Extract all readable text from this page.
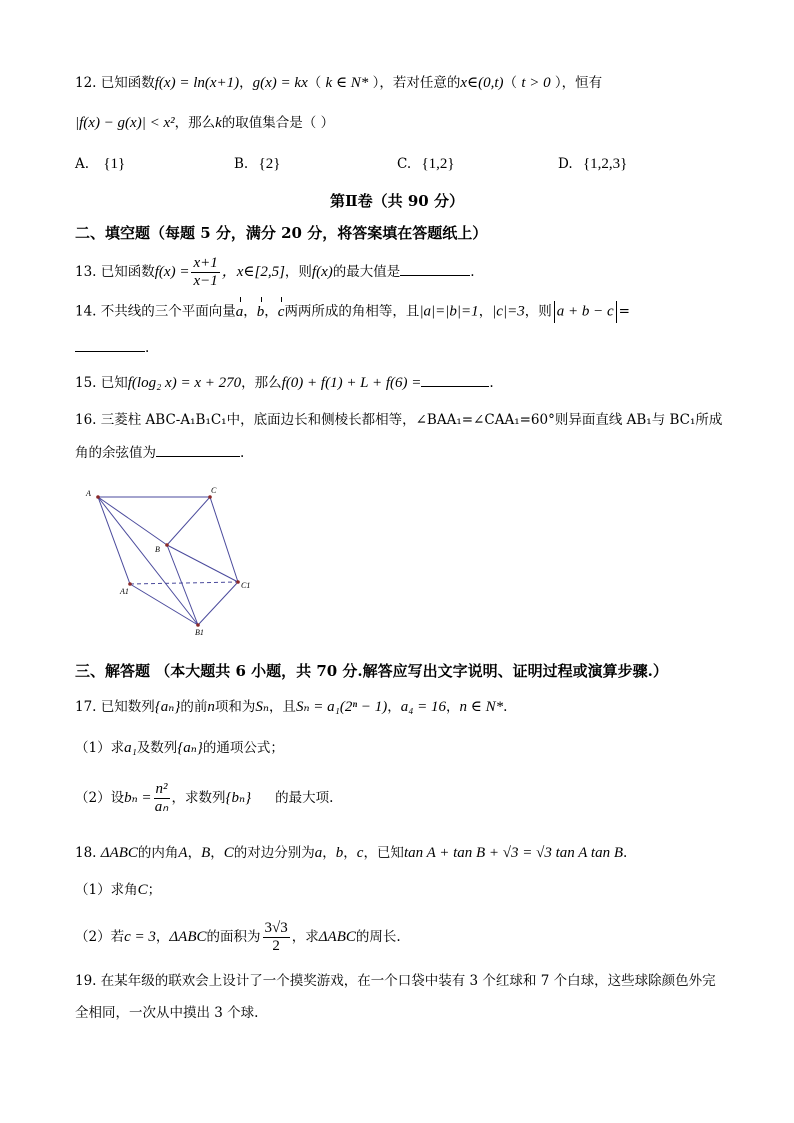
12. 已知函数f(x) = ln(x+1)，g(x) = kx（ k ∈ N* ），若对任意的x∈(0,t)（ t > 0 ），恒有
|f(x) − g(x)| < x²，那么k的取值集合是（ ）
A. {1}	B. {2}	C. {1,2}	D. {1,2,3}
第Ⅱ卷（共 90 分）
二、填空题（每题 5 分，满分 20 分，将答案填在答题纸上）
13. 已知函数$f(x) = \frac{x+1}{x-1}$ ，x∈[2,5]，则f(x)的最大值是	.
14. 不共线的三个平面向量a，b，c两两所成的角相等，且|a|=|b|=1，|c|=3，则 a + b − c =
.
15. 已知f(log₂ x) = x + 270，那么f(0) + f(1) + L + f(6) =	.
16. 三菱柱 ABC-A₁B₁C₁中，底面边长和侧棱长都相等，∠BAA₁=∠CAA₁=60°则异面直线 AB₁与 BC₁所成
角的余弦值为	.
A	C
B
A1
B1
C1
三、解答题 （本大题共 6 小题，共 70 分.解答应写出文字说明、证明过程或演算步骤.）
17. 已知数列{aₙ}的前n项和为Sₙ，且Sₙ = a₁(2ⁿ − 1)，a₄ = 16，n ∈ N*.
（1）求a₁及数列{aₙ}的通项公式；
（2）设$b_n = \frac{\text{n²}}{\text{aₙ}}$ ，求数列{bₙ} 的最大项.
18. ΔABC的内角A，B，C的对边分别为a，b，c，已知tan A + tan B + √3 = √3 tan A tan B.
（1）求角C；
（2）若c = 3，ΔABC的面积为 $\frac{3√3}{2}$ ，求ΔABC的周长.
19. 在某年级的联欢会上设计了一个摸奖游戏，在一个口袋中装有 3 个红球和 7 个白球，这些球除颜色外完
全相同，一次从中摸出 3 个球.
